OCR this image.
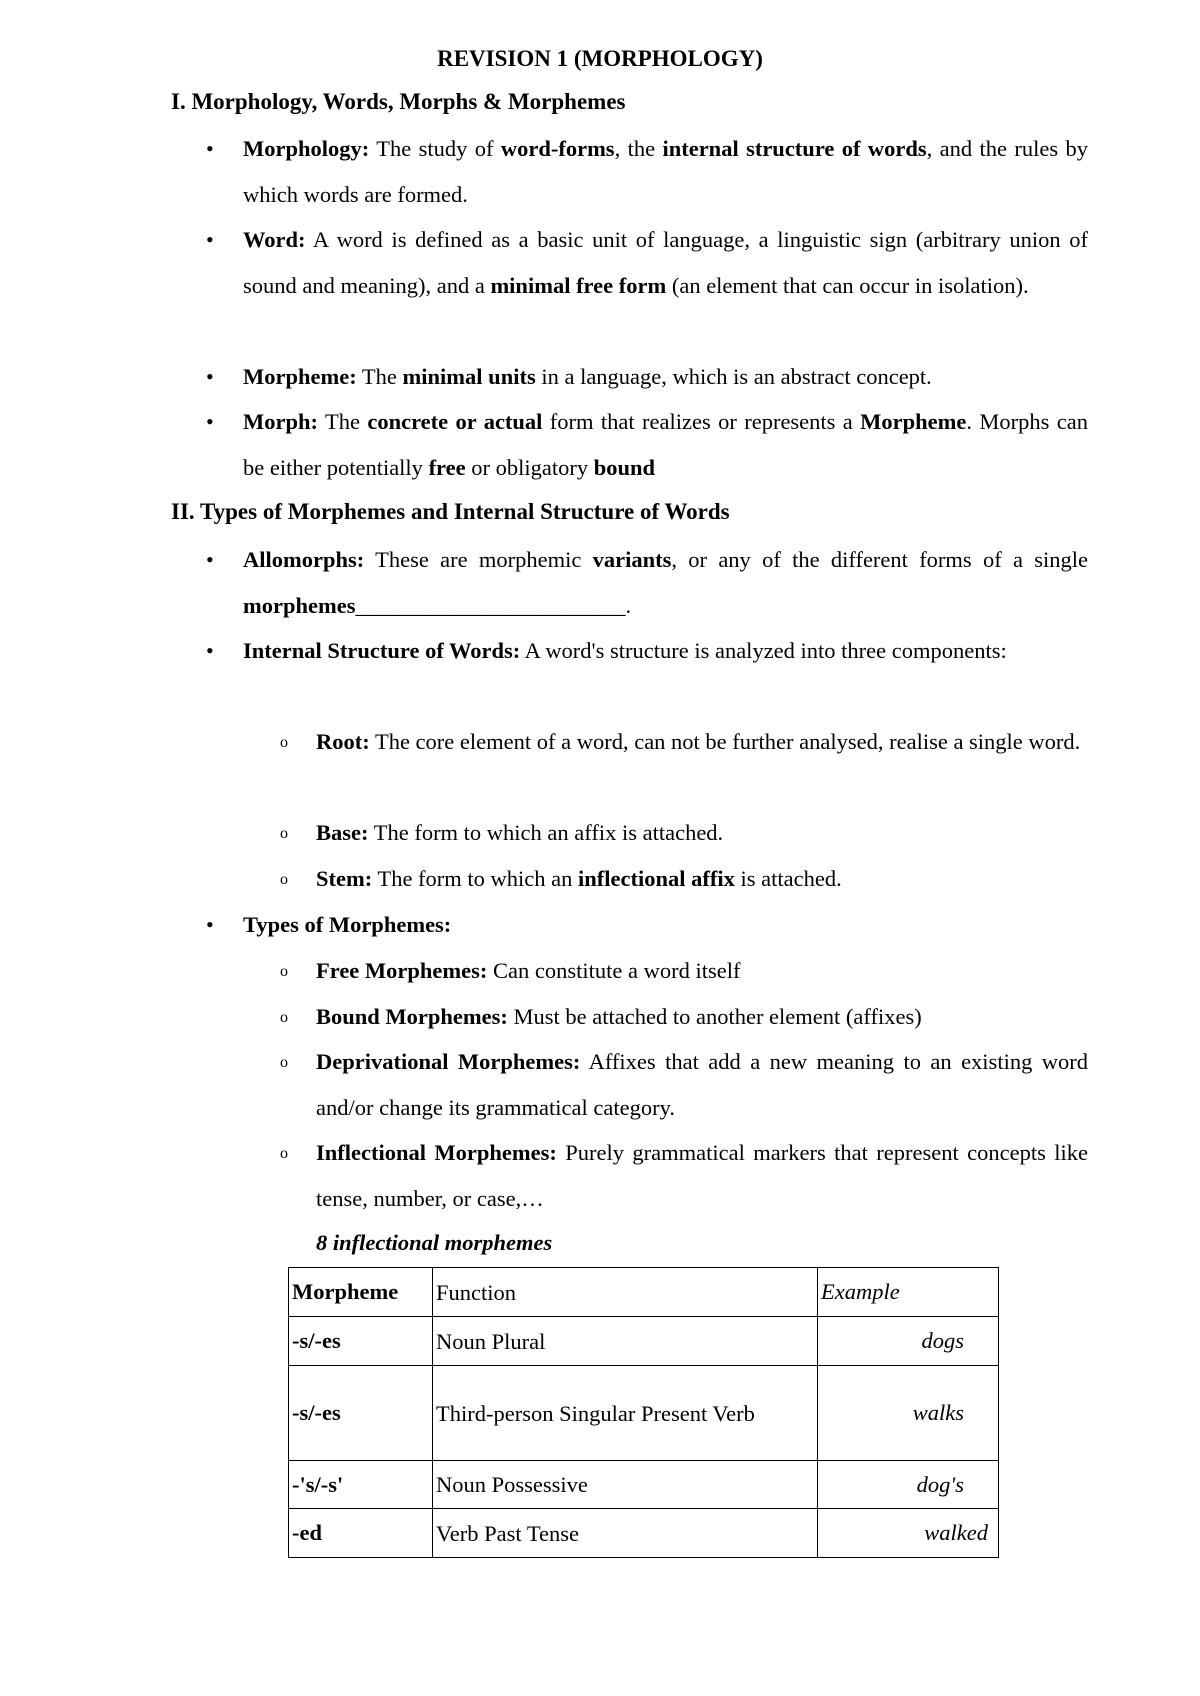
REVISION 1 (MORPHOLOGY)
I. Morphology, Words, Morphs & Morphemes
• Morphology: The study of word-forms, the internal structure of words, and the rules by which words are formed.
• Word: A word is defined as a basic unit of language, a linguistic sign (arbitrary union of sound and meaning), and a minimal free form (an element that can occur in isolation).
• Morpheme: The minimal units in a language, which is an abstract concept.
• Morph: The concrete or actual form that realizes or represents a Morpheme. Morphs can be either potentially free or obligatory bound
II. Types of Morphemes and Internal Structure of Words
• Allomorphs: These are morphemic variants, or any of the different forms of a single morphemes________________________.
• Internal Structure of Words: A word's structure is analyzed into three components:
o Root: The core element of a word, can not be further analysed, realise a single word.
o Base: The form to which an affix is attached.
o Stem: The form to which an inflectional affix is attached.
• Types of Morphemes:
o Free Morphemes: Can constitute a word itself
o Bound Morphemes: Must be attached to another element (affixes)
o Deprivational Morphemes: Affixes that add a new meaning to an existing word and/or change its grammatical category.
o Inflectional Morphemes: Purely grammatical markers that represent concepts like tense, number, or case,…
8 inflectional morphemes
Morpheme	Function	Example
-s/-es	Noun Plural	dogs
-s/-es	Third-person Singular Present Verb	walks
-'s/-s'	Noun Possessive	dog's
-ed	Verb Past Tense	walked
